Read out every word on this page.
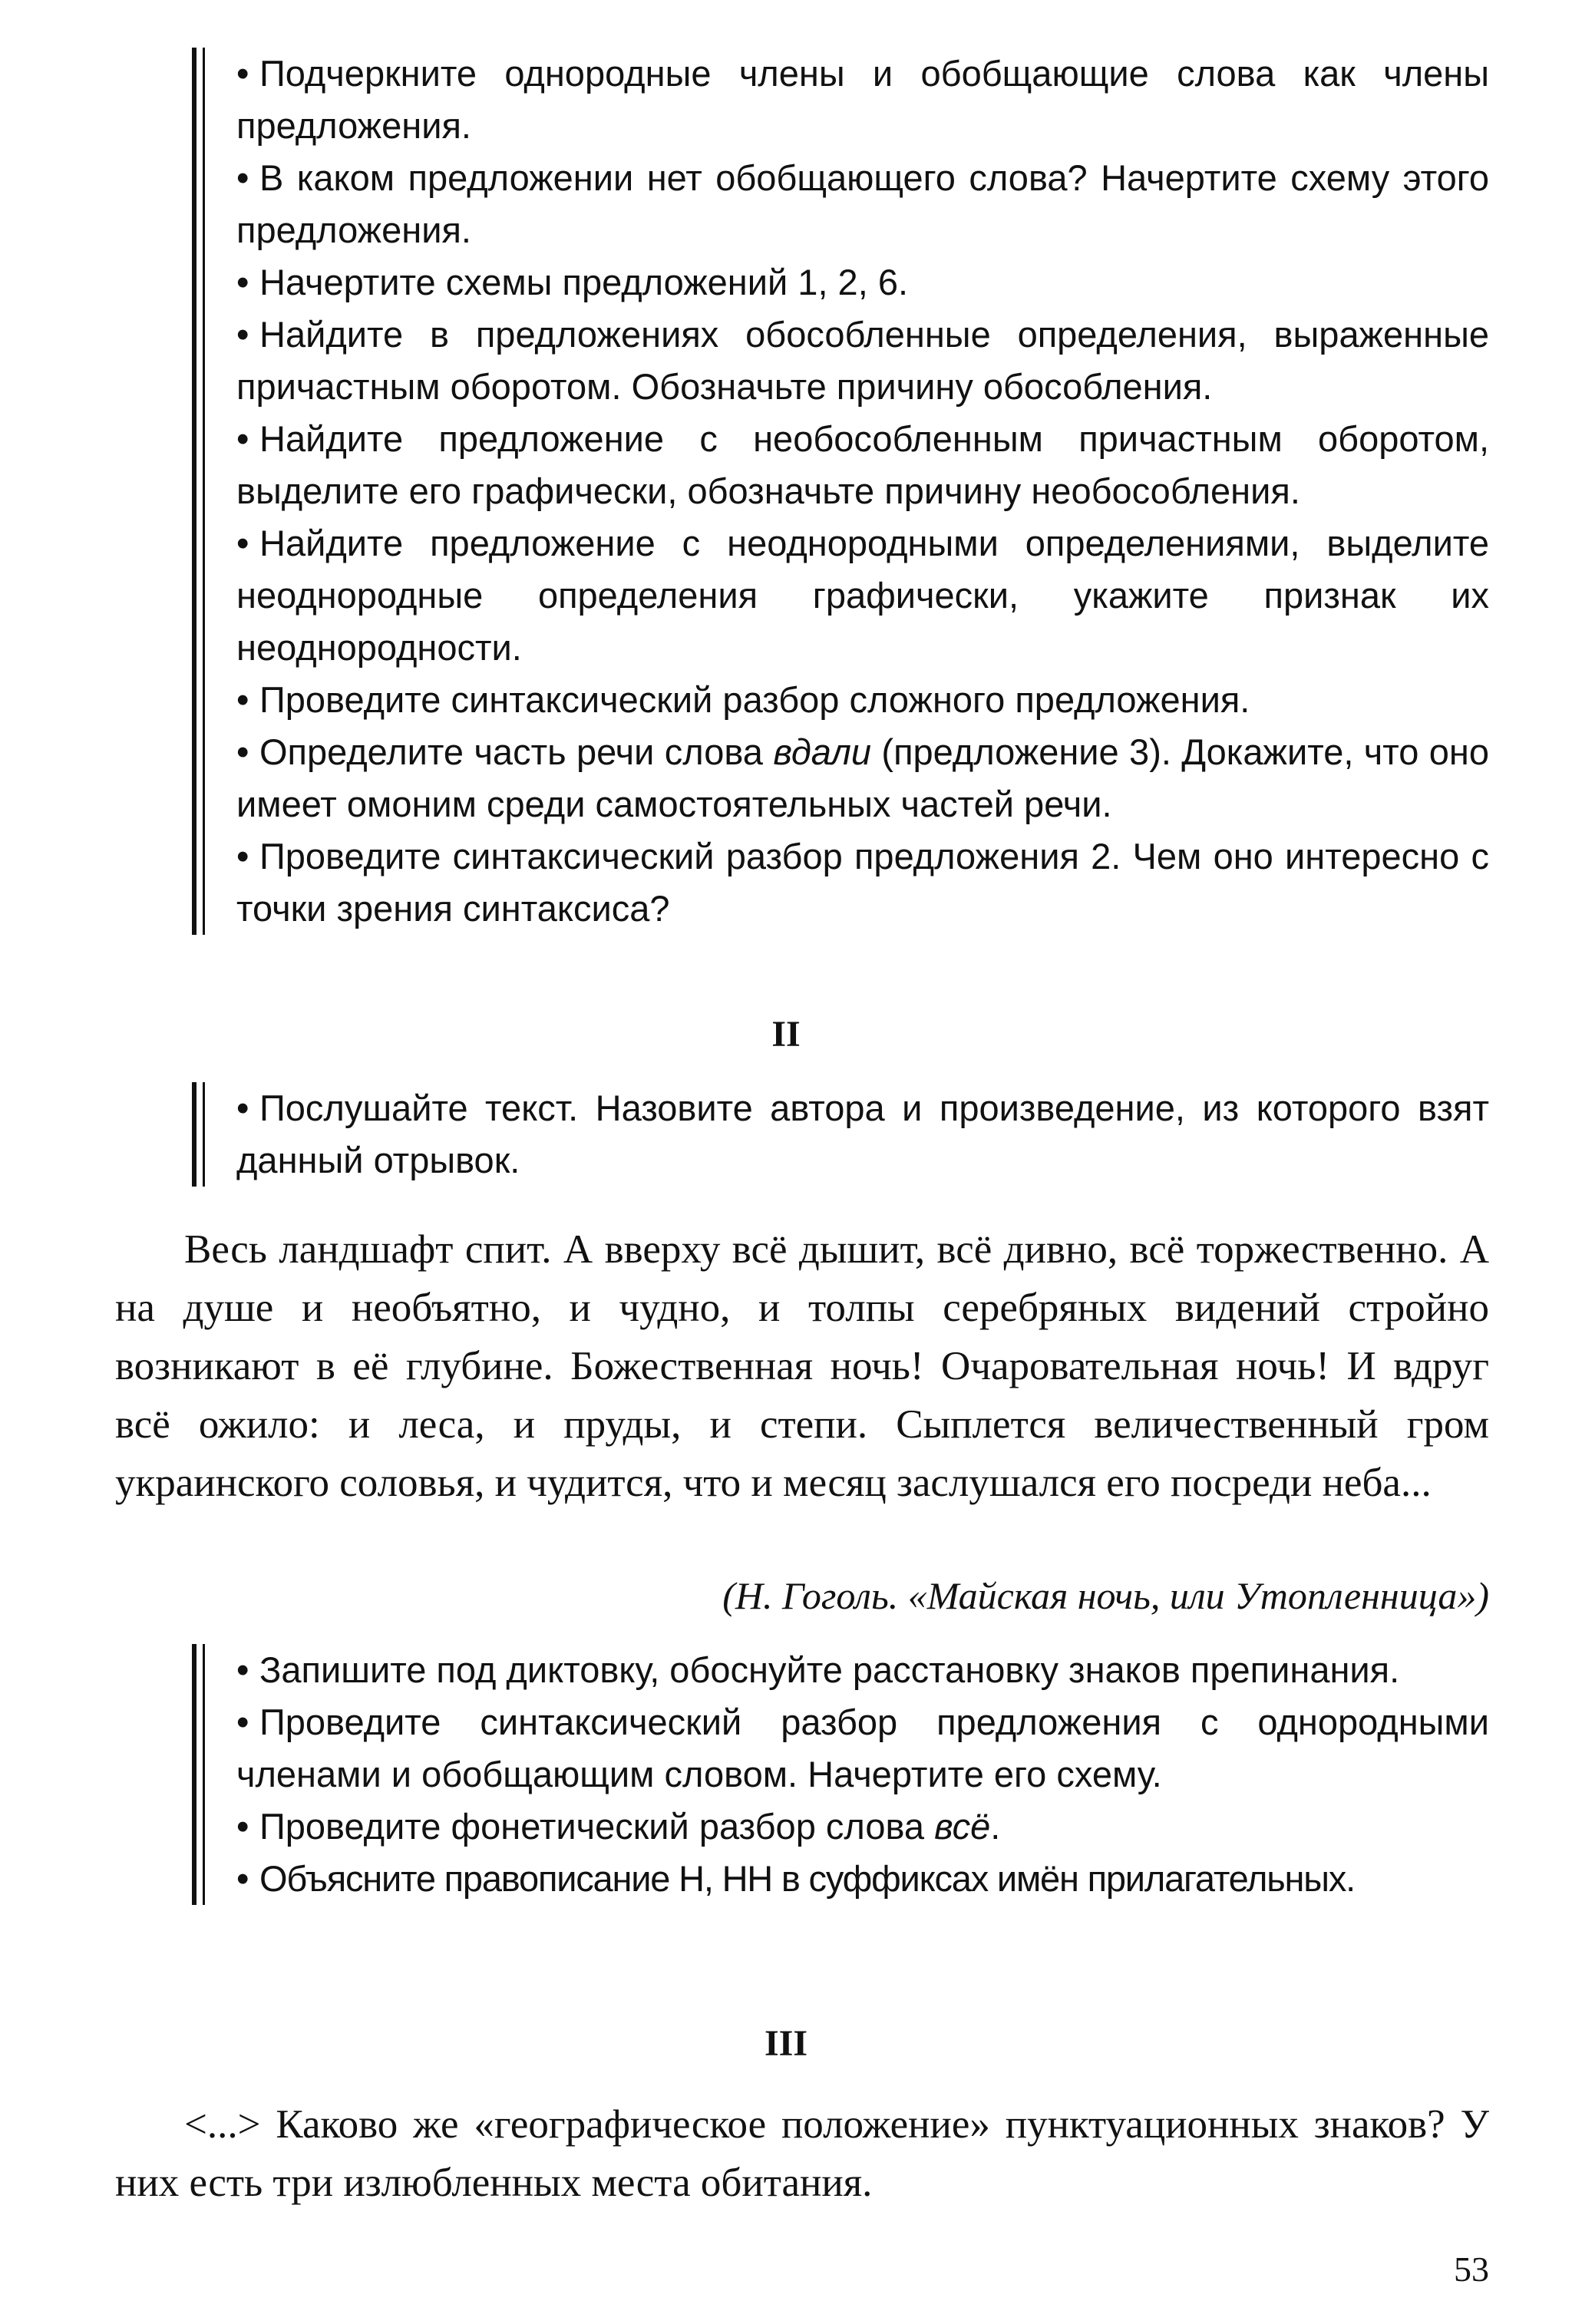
• Подчеркните однородные члены и обобщающие слова как члены предложения.

• В каком предложении нет обобщающего слова? Начертите схему этого предложения.

• Начертите схемы предложений 1, 2, 6.

• Найдите в предложениях обособленные определения, выраженные причастным оборотом. Обозначьте причину обособления.

• Найдите предложение с необособленным причастным оборотом, выделите его графически, обозначьте причину необособления.

• Найдите предложение с неоднородными определениями, выделите неоднородные определения графически, укажите признак их неоднородности.

• Проведите синтаксический разбор сложного предложения.

• Определите часть речи слова вдали (предложение 3). Докажите, что оно имеет омоним среди самостоятельных частей речи.

• Проведите синтаксический разбор предложения 2. Чем оно интересно с точки зрения синтаксиса?

II

• Послушайте текст. Назовите автора и произведение, из которого взят данный отрывок.

Весь ландшафт спит. А вверху всё дышит, всё дивно, всё торжественно. А на душе и необъятно, и чудно, и толпы серебряных видений стройно возникают в её глубине. Божественная ночь! Очаровательная ночь! И вдруг всё ожило: и леса, и пруды, и степи. Сыплется величественный гром украинского соловья, и чудится, что и месяц заслушался его посреди неба...

(Н. Гоголь. «Майская ночь, или Утопленница»)

• Запишите под диктовку, обоснуйте расстановку знаков препинания.

• Проведите синтаксический разбор предложения с однородными членами и обобщающим словом. Начертите его схему.

• Проведите фонетический разбор слова всё.

• Объясните правописание Н, НН в суффиксах имён прилагательных.

III

<...> Каково же «географическое положение» пунктуационных знаков? У них есть три излюбленных места обитания.

53
